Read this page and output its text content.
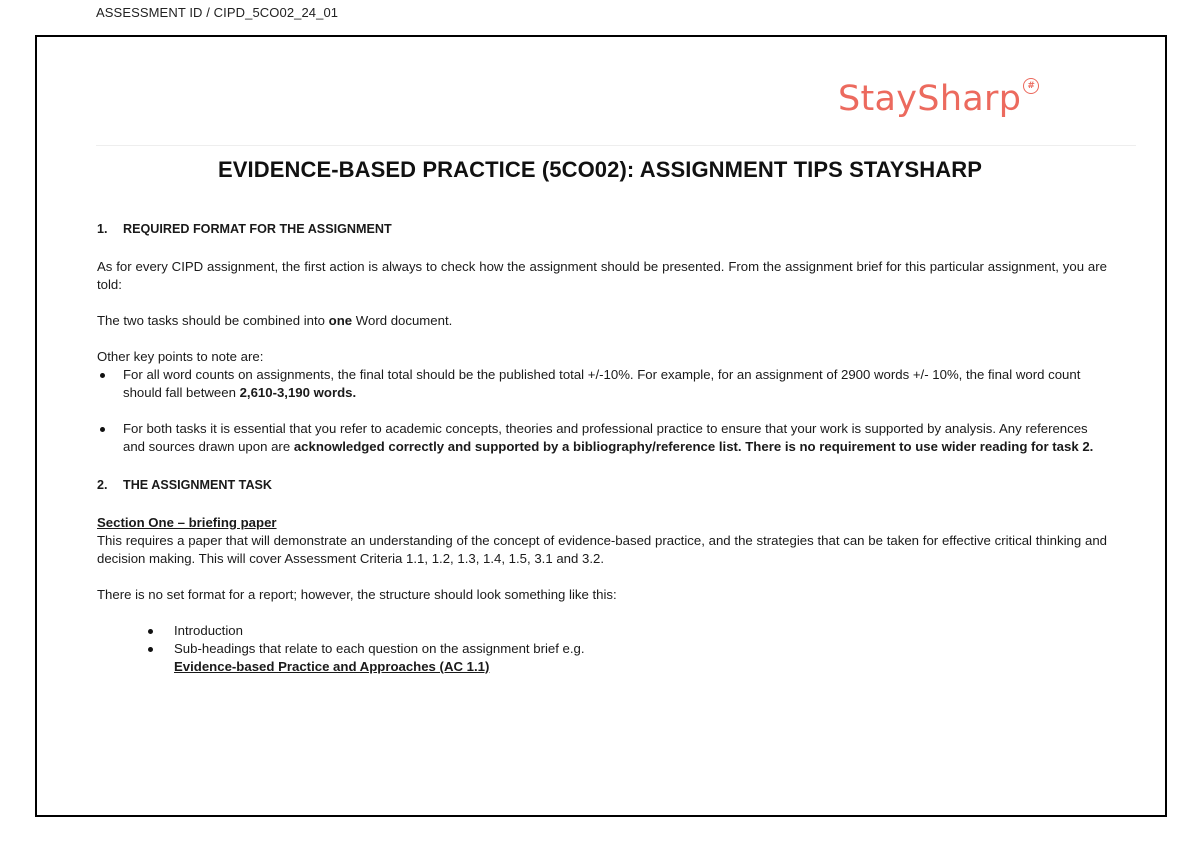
ASSESSMENT ID / CIPD_5CO02_24_01
StaySharp #
EVIDENCE-BASED PRACTICE (5CO02): ASSIGNMENT TIPS STAYSHARP
1.	REQUIRED FORMAT FOR THE ASSIGNMENT

As for every CIPD assignment, the first action is always to check how the assignment should be presented. From the assignment brief for this particular assignment, you are told:

The two tasks should be combined into one Word document.

Other key points to note are:

For all word counts on assignments, the final total should be the published total +/-10%. For example, for an assignment of 2900 words +/- 10%, the final word count should fall between 2,610-3,190 words.
For both tasks it is essential that you refer to academic concepts, theories and professional practice to ensure that your work is supported by analysis. Any references and sources drawn upon are acknowledged correctly and supported by a bibliography/reference list. There is no requirement to use wider reading for task 2.
2.	THE ASSIGNMENT TASK

Section One – briefing paper

This requires a paper that will demonstrate an understanding of the concept of evidence-based practice, and the strategies that can be taken for effective critical thinking and decision making. This will cover Assessment Criteria 1.1, 1.2, 1.3, 1.4, 1.5, 3.1 and 3.2.

There is no set format for a report; however, the structure should look something like this:

Introduction
Sub-headings that relate to each question on the assignment brief e.g.
Evidence-based Practice and Approaches (AC 1.1)
